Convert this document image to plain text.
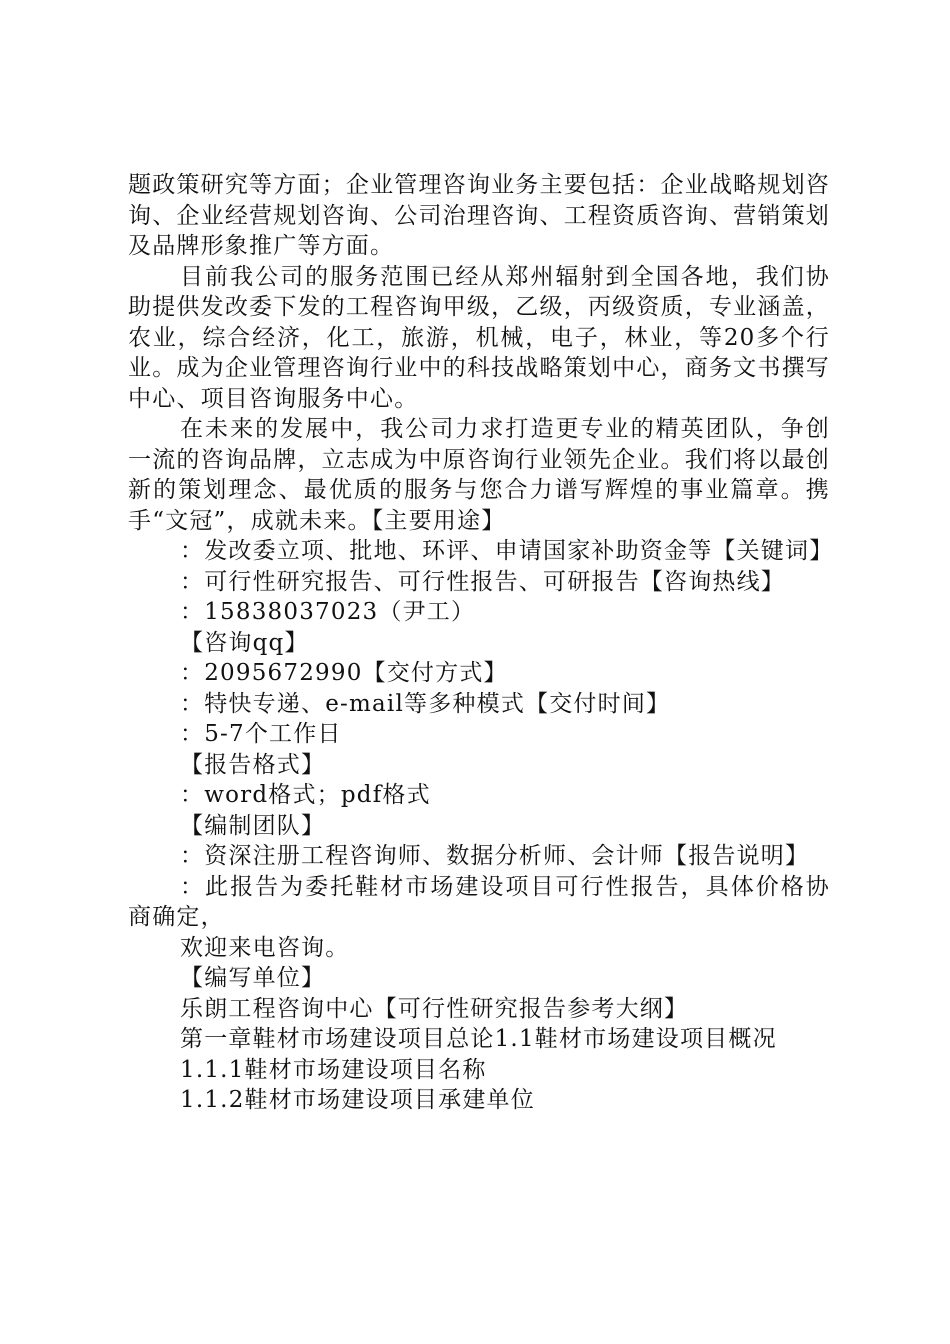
题政策研究等方面；企业管理咨询业务主要包括：企业战略规划咨询、企业经营规划咨询、公司治理咨询、工程资质咨询、营销策划及品牌形象推广等方面。

目前我公司的服务范围已经从郑州辐射到全国各地，我们协助提供发改委下发的工程咨询甲级，乙级，丙级资质，专业涵盖，农业，综合经济，化工，旅游，机械，电子，林业，等20多个行业。成为企业管理咨询行业中的科技战略策划中心，商务文书撰写中心、项目咨询服务中心。

在未来的发展中，我公司力求打造更专业的精英团队，争创一流的咨询品牌，立志成为中原咨询行业领先企业。我们将以最创新的策划理念、最优质的服务与您合力谱写辉煌的事业篇章。携手“文冠”，成就未来。【主要用途】

：发改委立项、批地、环评、申请国家补助资金等【关键词】

：可行性研究报告、可行性报告、可研报告【咨询热线】

：15838037023（尹工）

【咨询qq】

：2095672990【交付方式】

：特快专递、e-mail等多种模式【交付时间】

：5-7个工作日

【报告格式】

：word格式；pdf格式

【编制团队】

：资深注册工程咨询师、数据分析师、会计师【报告说明】

：此报告为委托鞋材市场建设项目可行性报告，具体价格协商确定，

欢迎来电咨询。

【编写单位】

乐朗工程咨询中心【可行性研究报告参考大纲】

第一章鞋材市场建设项目总论1.1鞋材市场建设项目概况

1.1.1鞋材市场建设项目名称

1.1.2鞋材市场建设项目承建单位
